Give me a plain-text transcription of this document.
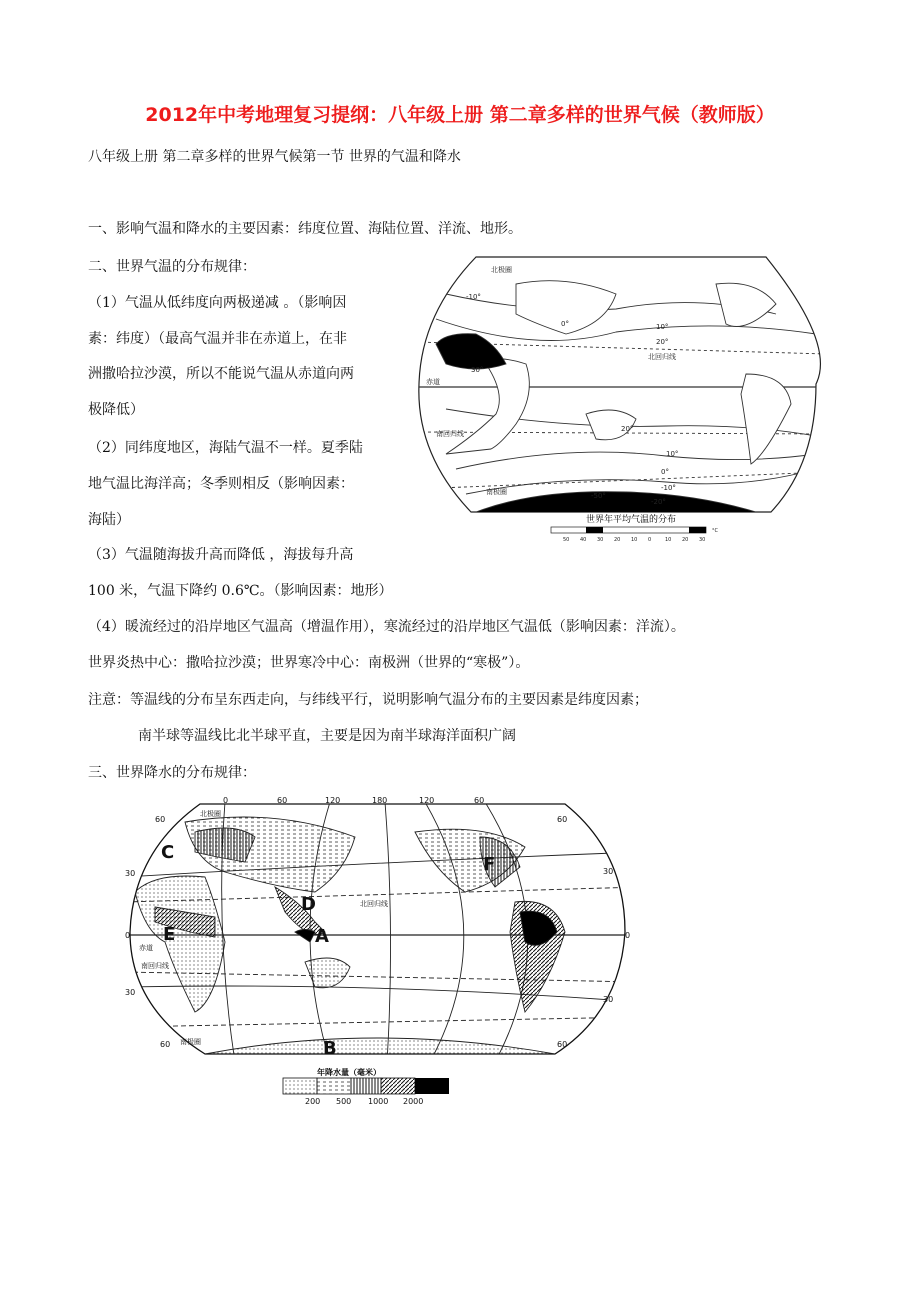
2012年中考地理复习提纲：八年级上册 第二章多样的世界气候（教师版）
八年级上册 第二章多样的世界气候第一节 世界的气温和降水
一、影响气温和降水的主要因素：纬度位置、海陆位置、洋流、地形。
二、世界气温的分布规律：
（1）气温从低纬度向两极递减 。（影响因
素：纬度）（最高气温并非在赤道上，在非
洲撒哈拉沙漠，所以不能说气温从赤道向两
极降低）
（2）同纬度地区，海陆气温不一样。夏季陆
地气温比海洋高；冬季则相反（影响因素：
海陆）
（3）气温随海拔升高而降低 ，海拔每升高
100 米，气温下降约 0.6℃。（影响因素：地形）
（4）暖流经过的沿岸地区气温高（增温作用），寒流经过的沿岸地区气温低（影响因素：洋流）。
世界炎热中心：撒哈拉沙漠；世界寒冷中心：南极洲（世界的“寒极”）。
注意：等温线的分布呈东西走向，与纬线平行，说明影响气温分布的主要因素是纬度因素；
南半球等温线比北半球平直，主要是因为南半球海洋面积广阔
三、世界降水的分布规律：
北极圈
北回归线
赤道
南回归线
南极圈
-10°
0°	10°
20°
30°
20°
10°
0°
-10°
-20°
-50°
世界年平均气温的分布
50 40 30 20 10 0	10 20 30
°C
0	60	120	180	120	60
60
30
0
30
60
60
30
0
30
60
北极圈
北回归线
赤道
南回归线
南极圈
A
B
C
D
E
F
年降水量（毫米）
200 500 1000 2000
